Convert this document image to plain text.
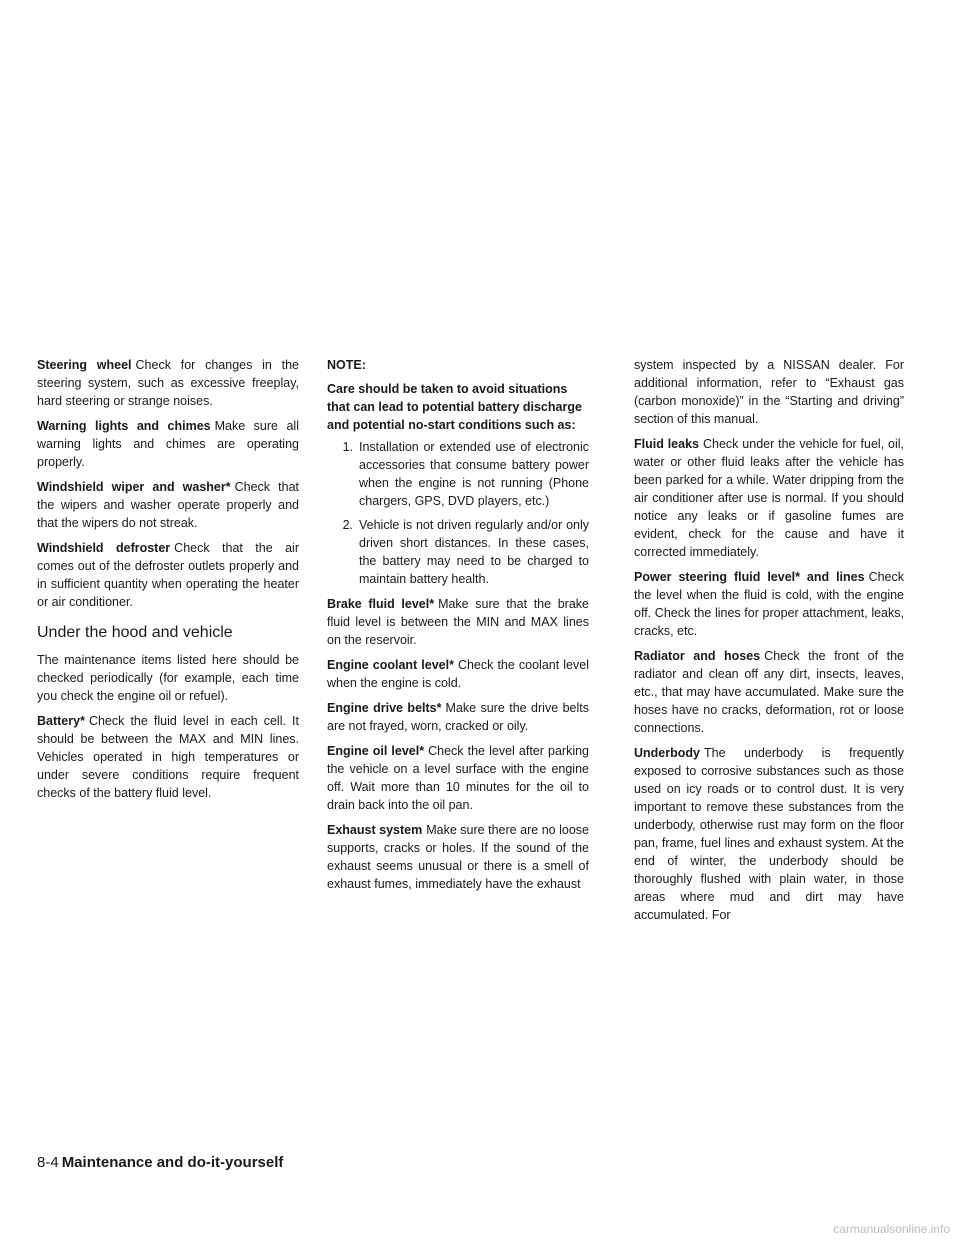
Steering wheel Check for changes in the steering system, such as excessive freeplay, hard steering or strange noises.

Warning lights and chimes Make sure all warning lights and chimes are operating properly.

Windshield wiper and washer* Check that the wipers and washer operate properly and that the wipers do not streak.

Windshield defroster Check that the air comes out of the defroster outlets properly and in sufficient quantity when operating the heater or air conditioner.

Under the hood and vehicle

The maintenance items listed here should be checked periodically (for example, each time you check the engine oil or refuel).

Battery* Check the fluid level in each cell. It should be between the MAX and MIN lines. Vehicles operated in high temperatures or under severe conditions require frequent checks of the battery fluid level.

NOTE:

Care should be taken to avoid situations that can lead to potential battery discharge and potential no-start conditions such as:

1. Installation or extended use of electronic accessories that consume battery power when the engine is not running (Phone chargers, GPS, DVD players, etc.)
2. Vehicle is not driven regularly and/or only driven short distances. In these cases, the battery may need to be charged to maintain battery health.

Brake fluid level* Make sure that the brake fluid level is between the MIN and MAX lines on the reservoir.

Engine coolant level* Check the coolant level when the engine is cold.

Engine drive belts* Make sure the drive belts are not frayed, worn, cracked or oily.

Engine oil level* Check the level after parking the vehicle on a level surface with the engine off. Wait more than 10 minutes for the oil to drain back into the oil pan.

Exhaust system Make sure there are no loose supports, cracks or holes. If the sound of the exhaust seems unusual or there is a smell of exhaust fumes, immediately have the exhaust

system inspected by a NISSAN dealer. For additional information, refer to “Exhaust gas (carbon monoxide)” in the “Starting and driving” section of this manual.

Fluid leaks Check under the vehicle for fuel, oil, water or other fluid leaks after the vehicle has been parked for a while. Water dripping from the air conditioner after use is normal. If you should notice any leaks or if gasoline fumes are evident, check for the cause and have it corrected immediately.

Power steering fluid level* and lines Check the level when the fluid is cold, with the engine off. Check the lines for proper attachment, leaks, cracks, etc.

Radiator and hoses Check the front of the radiator and clean off any dirt, insects, leaves, etc., that may have accumulated. Make sure the hoses have no cracks, deformation, rot or loose connections.

Underbody The underbody is frequently exposed to corrosive substances such as those used on icy roads or to control dust. It is very important to remove these substances from the underbody, otherwise rust may form on the floor pan, frame, fuel lines and exhaust system. At the end of winter, the underbody should be thoroughly flushed with plain water, in those areas where mud and dirt may have accumulated. For

8-4 Maintenance and do-it-yourself
carmanualsonline.info
